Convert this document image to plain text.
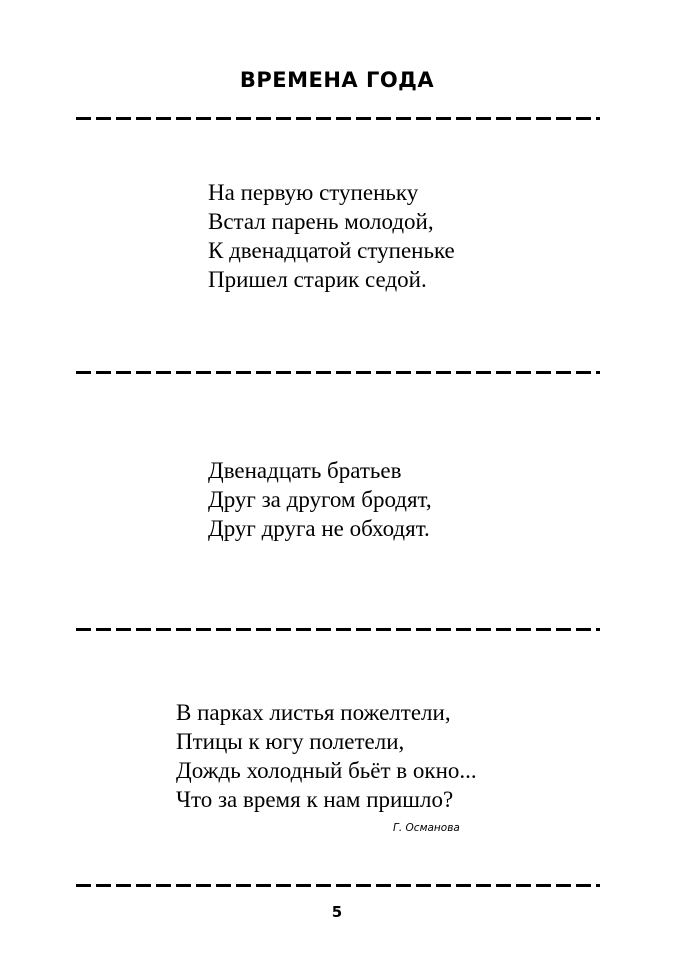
ВРЕМЕНА ГОДА
На первую ступеньку
Встал парень молодой,
К двенадцатой ступеньке
Пришел старик седой.
Двенадцать братьев
Друг за другом бродят,
Друг друга не обходят.
В парках листья пожелтели,
Птицы к югу полетели,
Дождь холодный бьёт в окно...
Что за время к нам пришло?
Г. Османова
5
